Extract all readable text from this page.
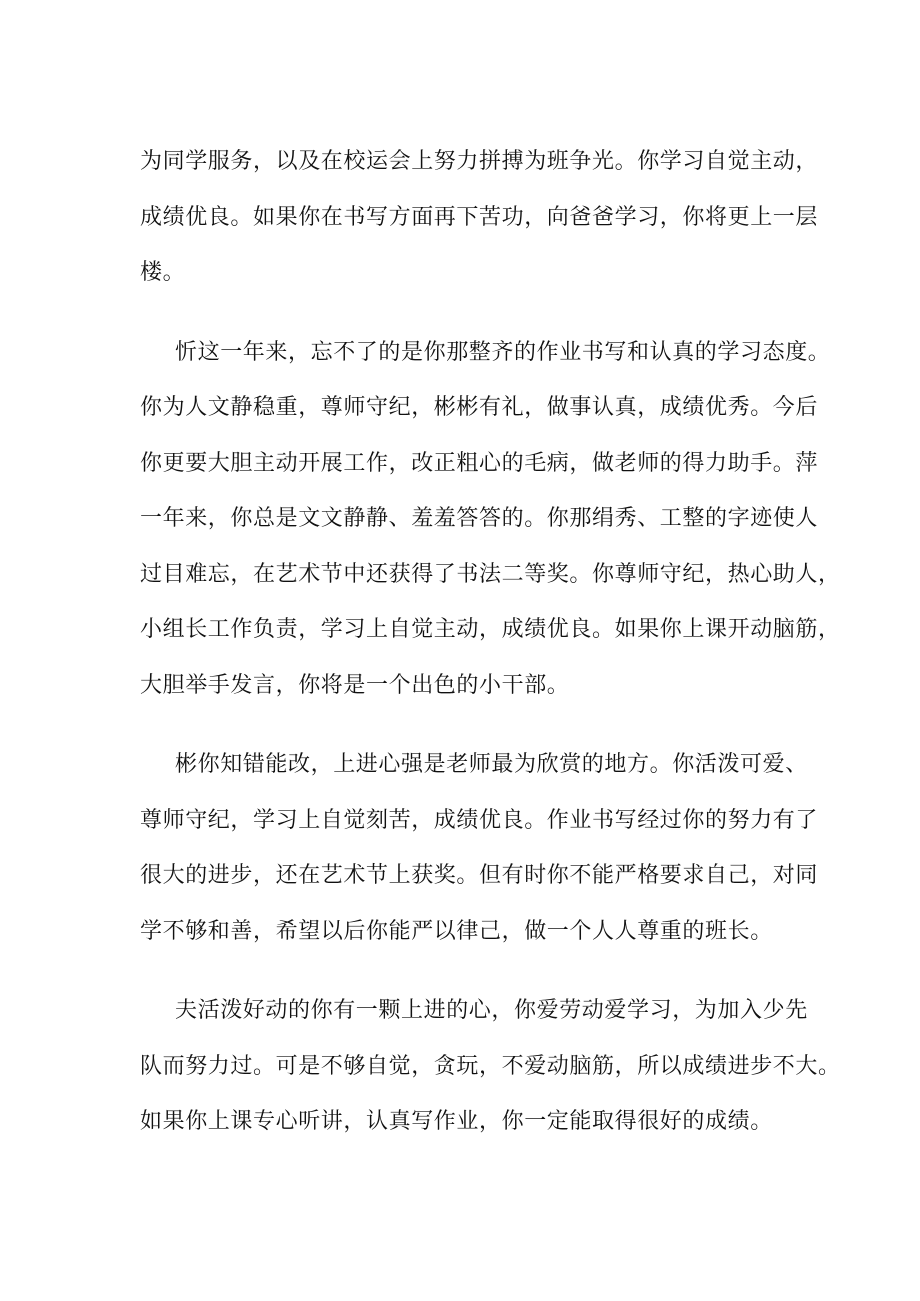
为同学服务，以及在校运会上努力拼搏为班争光。你学习自觉主动，
成绩优良。如果你在书写方面再下苦功，向爸爸学习，你将更上一层
楼。
忻这一年来，忘不了的是你那整齐的作业书写和认真的学习态度。
你为人文静稳重，尊师守纪，彬彬有礼，做事认真，成绩优秀。今后
你更要大胆主动开展工作，改正粗心的毛病，做老师的得力助手。萍
一年来，你总是文文静静、羞羞答答的。你那绢秀、工整的字迹使人
过目难忘，在艺术节中还获得了书法二等奖。你尊师守纪，热心助人，
小组长工作负责，学习上自觉主动，成绩优良。如果你上课开动脑筋，
大胆举手发言，你将是一个出色的小干部。
彬你知错能改，上进心强是老师最为欣赏的地方。你活泼可爱、
尊师守纪，学习上自觉刻苦，成绩优良。作业书写经过你的努力有了
很大的进步，还在艺术节上获奖。但有时你不能严格要求自己，对同
学不够和善，希望以后你能严以律己，做一个人人尊重的班长。
夫活泼好动的你有一颗上进的心，你爱劳动爱学习，为加入少先
队而努力过。可是不够自觉，贪玩，不爱动脑筋，所以成绩进步不大。
如果你上课专心听讲，认真写作业，你一定能取得很好的成绩。
